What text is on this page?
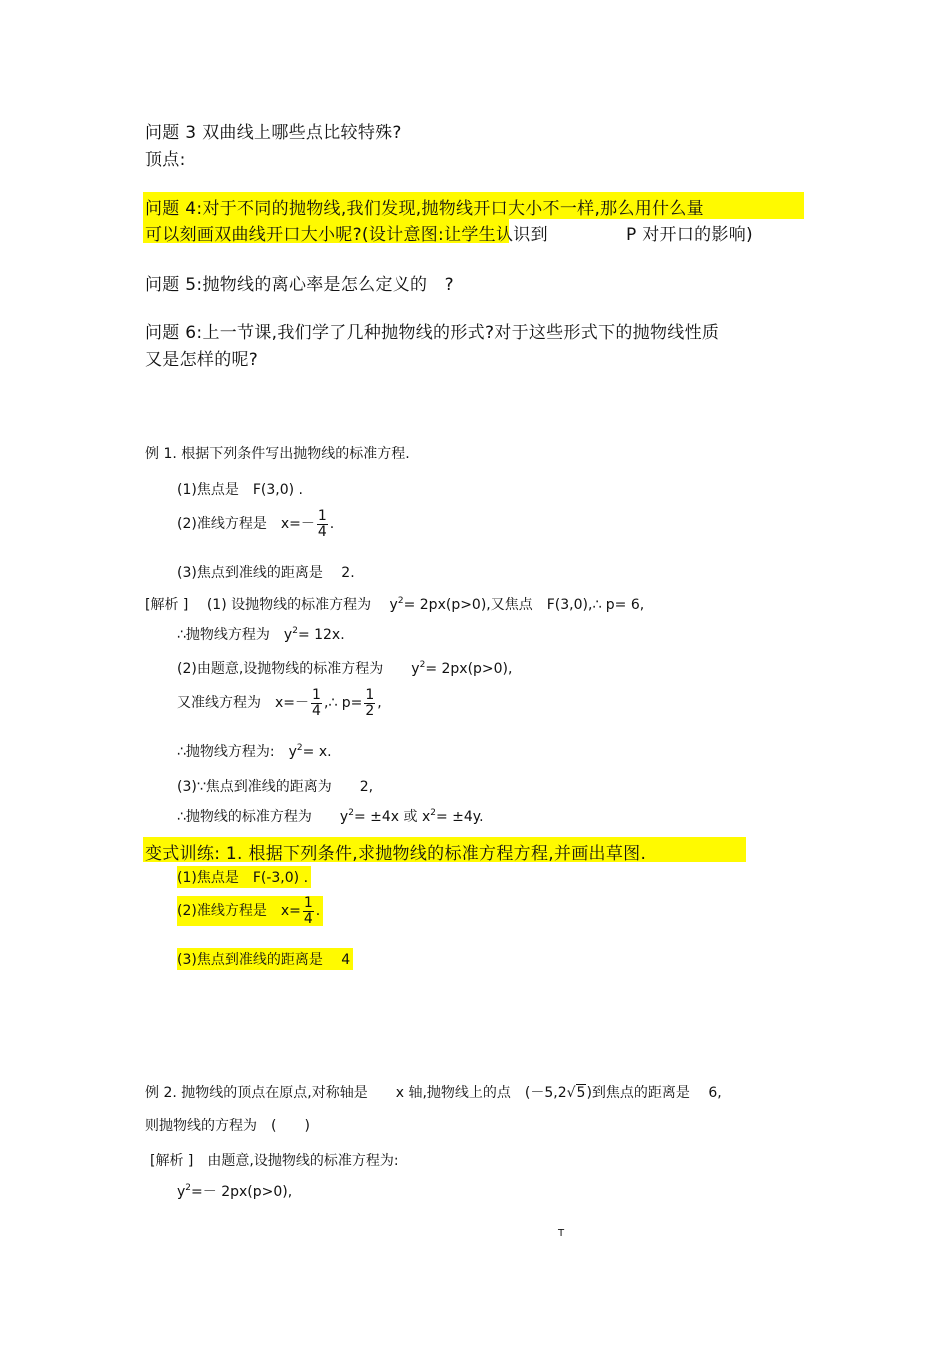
问题 3 双曲线上哪些点比较特殊?
顶点:
问题 4:对于不同的抛物线,我们发现,抛物线开口大小不一样,那么用什么量
可以刻画双曲线开口大小呢?(设计意图:让学生认识到	P 对开口的影响)
问题 5:抛物线的离心率是怎么定义的　?
问题 6:上一节课,我们学了几种抛物线的形式?对于这些形式下的抛物线性质
又是怎样的呢?
例 1. 根据下列条件写出抛物线的标准方程.
(1)焦点是　F(3,0) .
(2)准线方程是　$x=- \frac{1}{4}$ .
(3)焦点到准线的距离是　 2.
[解析 ]　 (1) 设抛物线的标准方程为　 $y^2= 2px(p>0)$,又焦点　F(3,0),∴ p= 6,
∴抛物线方程为　$y^2= 12x$.
(2)由题意,设抛物线的标准方程为　　$y^2= 2px(p>0)$,
又准线方程为　$x=- \frac{1}{4}$ ,∴ $p= \frac{1}{2}$ ,
∴抛物线方程为:　$y^2= x$.
(3)∵焦点到准线的距离为　　2,
∴抛物线的标准方程为　　$y^2= \pm 4x$ 或 $x^2= \pm 4y$.
变式训练: 1. 根据下列条件,求抛物线的标准方程方程,并画出草图.
(1)焦点是　F(-3,0) .
(2)准线方程是　$x= \frac{1}{4}$ .
(3)焦点到准线的距离是　 4
例 2. 抛物线的顶点在原点,对称轴是　　x 轴,抛物线上的点　(－5,2√5)到焦点的距离是　 6,
则抛物线的方程为　(　　)
[解析 ]　 由题意,设抛物线的标准方程为:
$y^2=- 2px(p>0)$,
T
